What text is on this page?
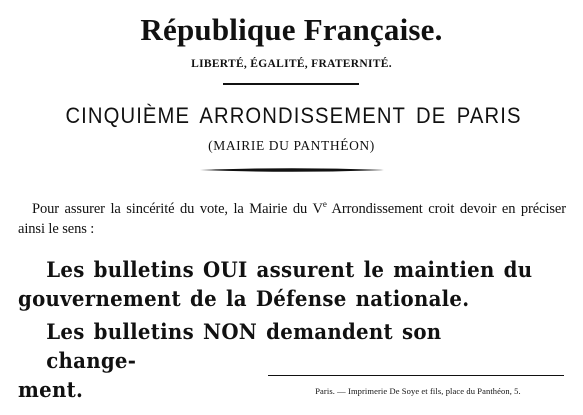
République Française.
LIBERTÉ, ÉGALITÉ, FRATERNITÉ.
CINQUIÈME ARRONDISSEMENT DE PARIS
(MAIRIE DU PANTHÉON)
Pour assurer la sincérité du vote, la Mairie du Ve Arrondissement croit devoir en préciser ainsi le sens :
Les bulletins OUI assurent le maintien du
gouvernement de la Défense nationale.
Les bulletins NON demandent son change-
ment.	Paris. — Imprimerie De Soye et fils, place du Panthéon, 5.
